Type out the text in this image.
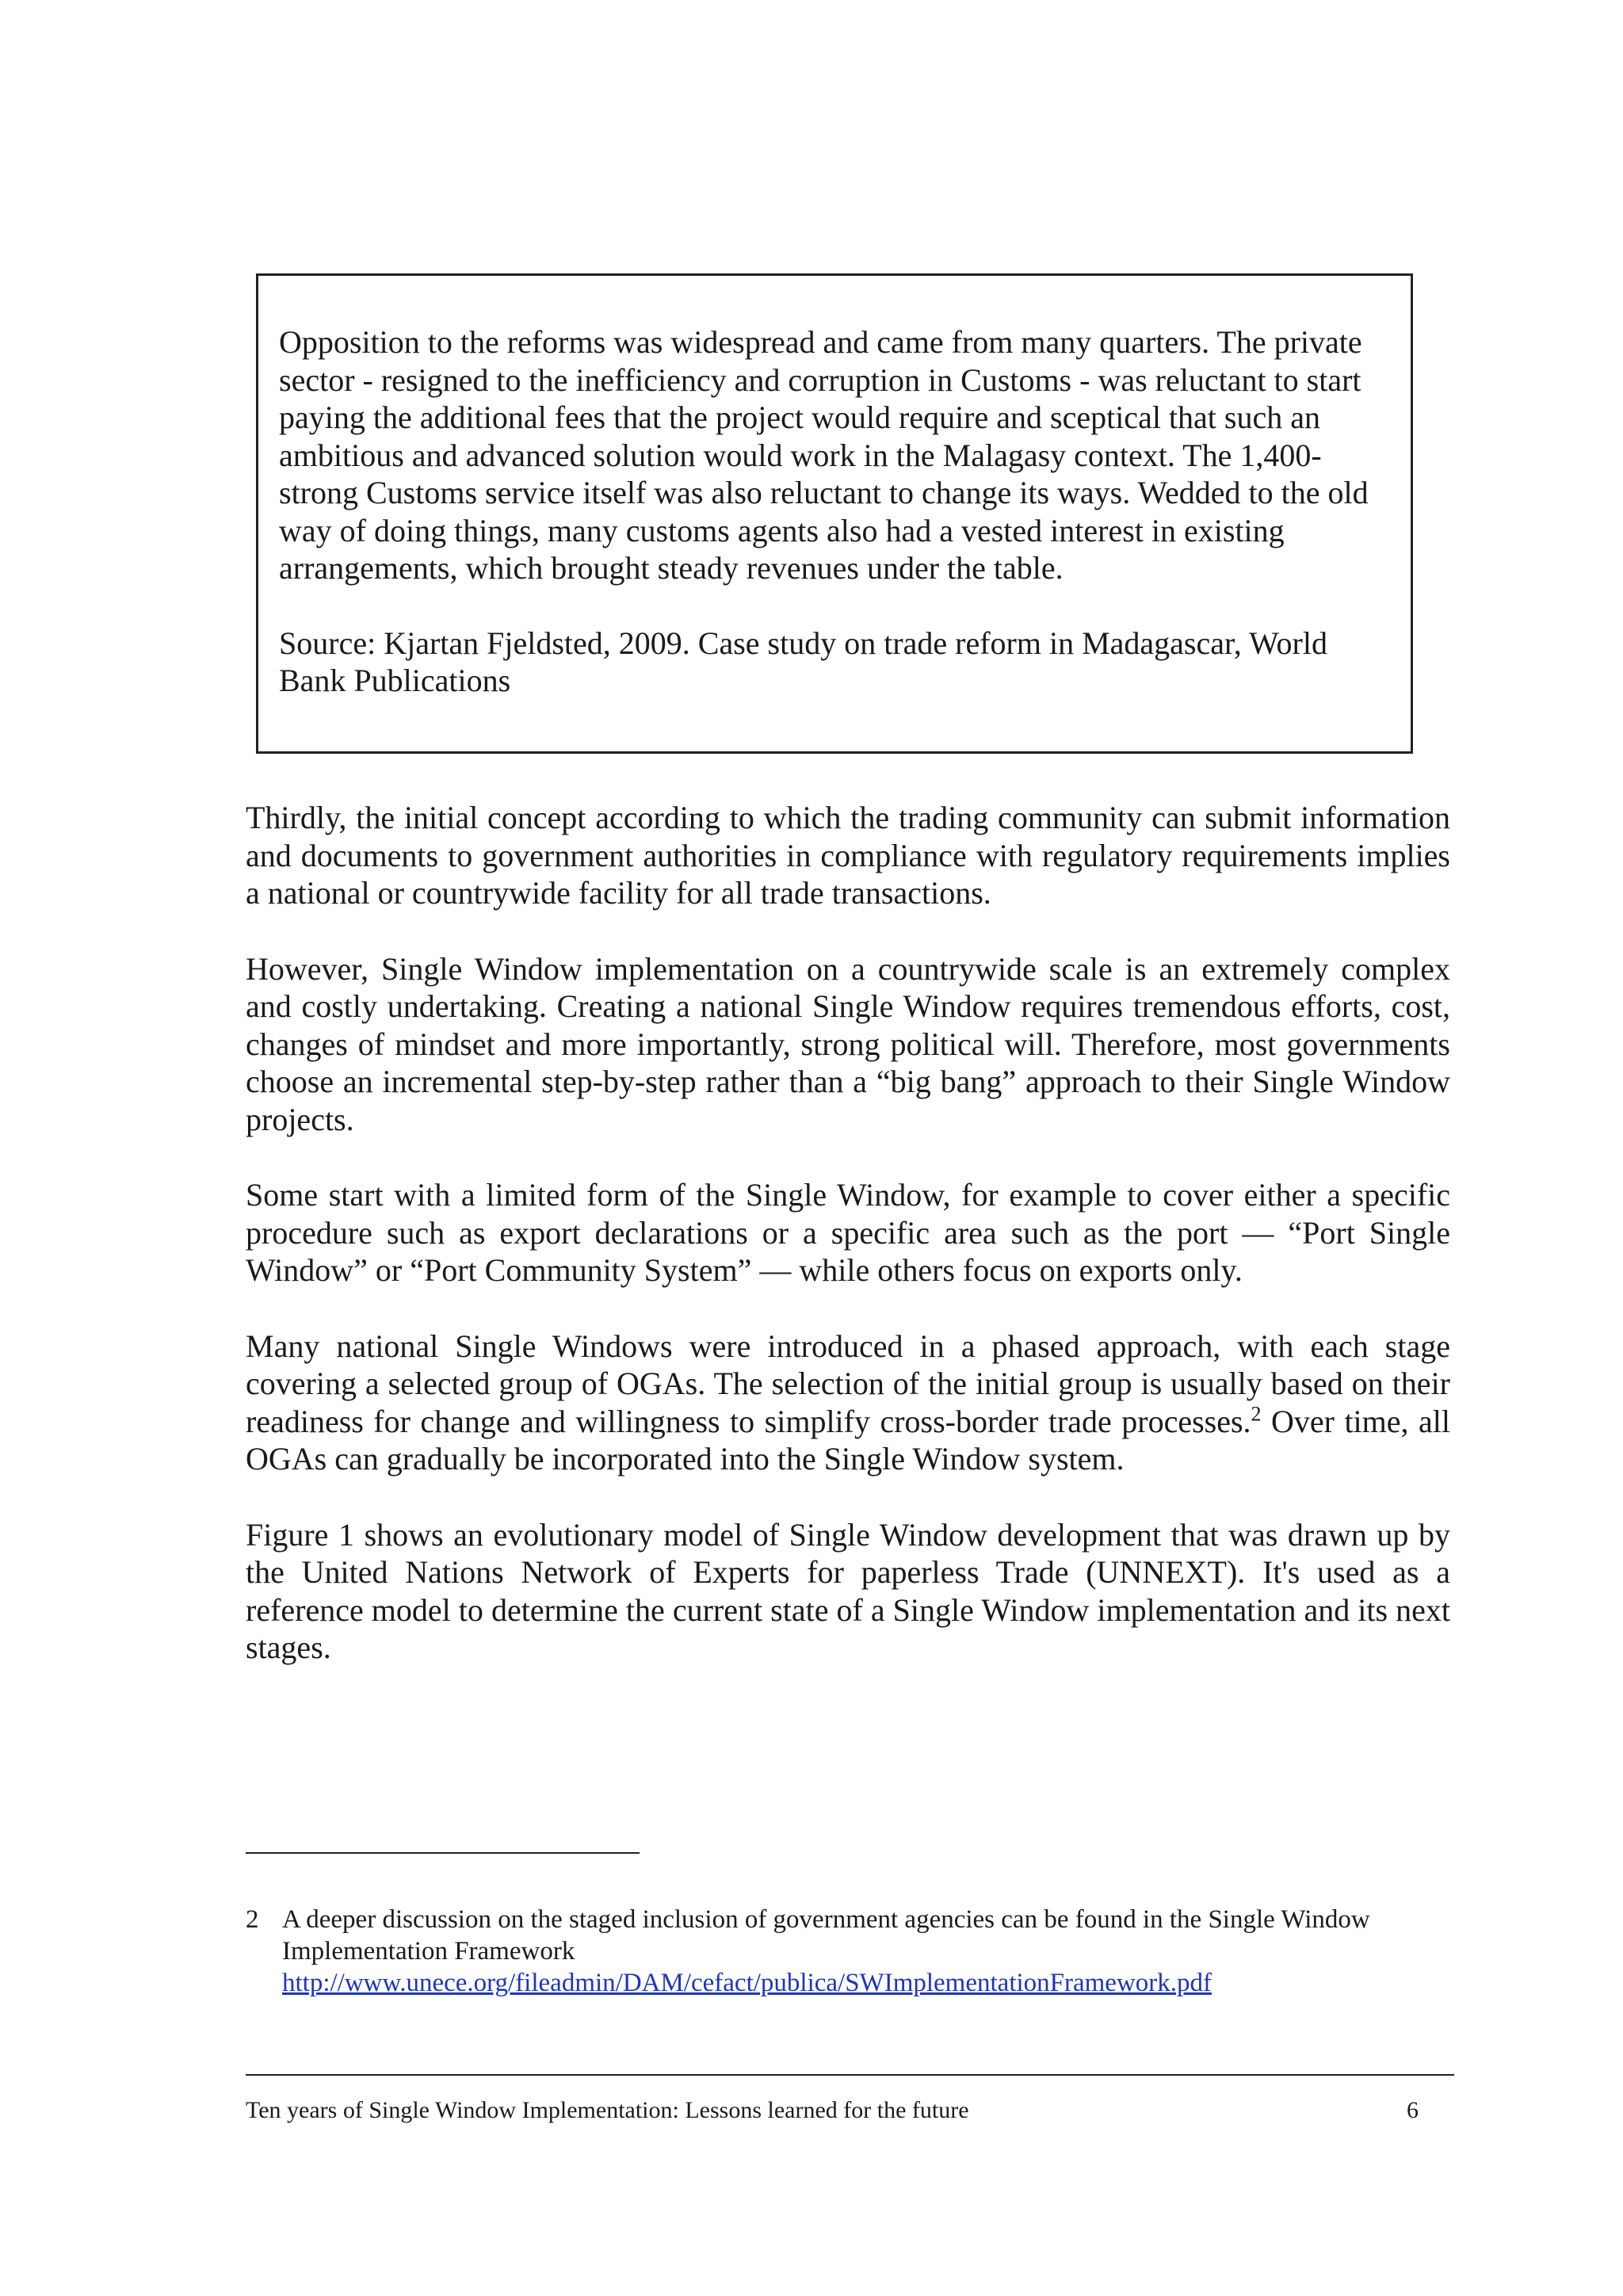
Opposition to the reforms was widespread and came from many quarters. The private sector - resigned to the inefficiency and corruption in Customs - was reluctant to start paying the additional fees that the project would require and sceptical that such an ambitious and advanced solution would work in the Malagasy context. The 1,400-strong Customs service itself was also reluctant to change its ways. Wedded to the old way of doing things, many customs agents also had a vested interest in existing arrangements, which brought steady revenues under the table.

Source: Kjartan Fjeldsted, 2009. Case study on trade reform in Madagascar, World Bank Publications

Thirdly, the initial concept according to which the trading community can submit information and documents to government authorities in compliance with regulatory requirements implies a national or countrywide facility for all trade transactions.

However, Single Window implementation on a countrywide scale is an extremely complex and costly undertaking. Creating a national Single Window requires tremendous efforts, cost, changes of mindset and more importantly, strong political will. Therefore, most governments choose an incremental step-by-step rather than a “big bang” approach to their Single Window projects.

Some start with a limited form of the Single Window, for example to cover either a specific procedure such as export declarations or a specific area such as the port — “Port Single Window” or “Port Community System” — while others focus on exports only.

Many national Single Windows were introduced in a phased approach, with each stage covering a selected group of OGAs. The selection of the initial group is usually based on their readiness for change and willingness to simplify cross-border trade processes.$^2$ Over time, all OGAs can gradually be incorporated into the Single Window system.

Figure 1 shows an evolutionary model of Single Window development that was drawn up by the United Nations Network of Experts for paperless Trade (UNNEXT). It's used as a reference model to determine the current state of a Single Window implementation and its next stages.

2 A deeper discussion on the staged inclusion of government agencies can be found in the Single Window Implementation Framework
http://www.unece.org/fileadmin/DAM/cefact/publica/SWImplementationFramework.pdf
Ten years of Single Window Implementation: Lessons learned for the future	6
